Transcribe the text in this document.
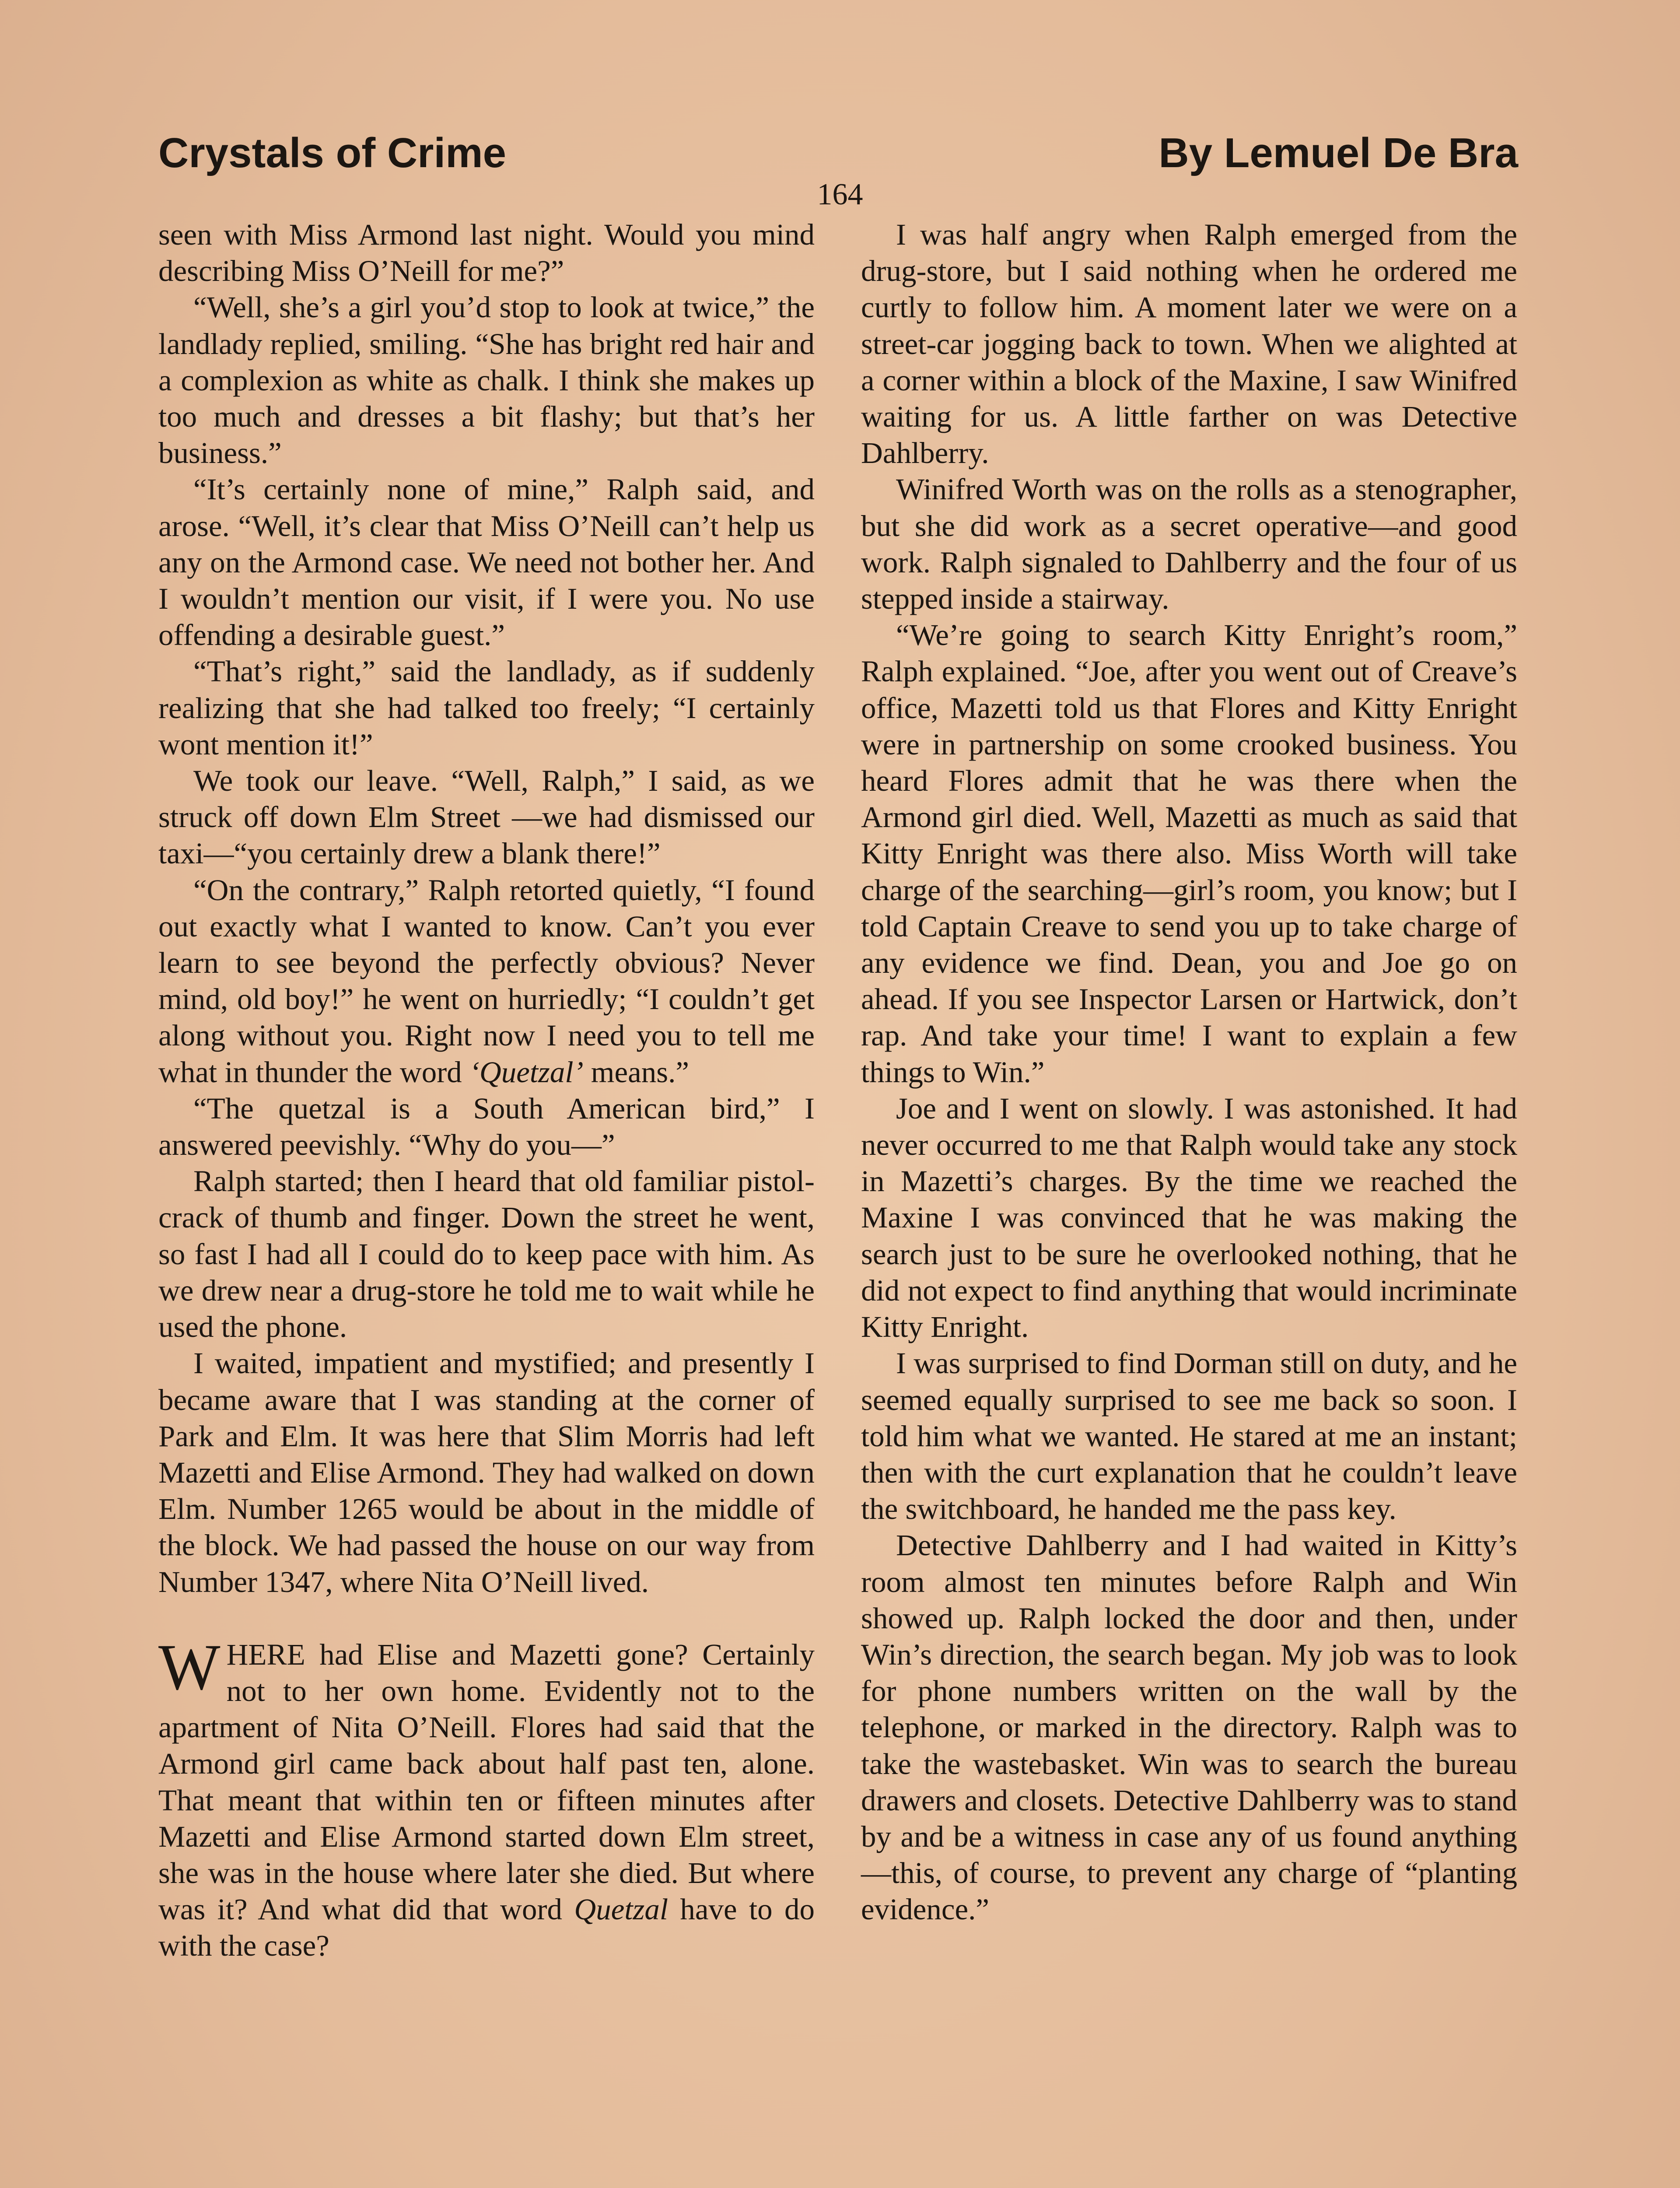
Crystals of Crime	By Lemuel De Bra
164

seen with Miss Armond last night. Would you mind describing Miss O’Neill for me?”

“Well, she’s a girl you’d stop to look at twice,” the landlady replied, smiling. “She has bright red hair and a complexion as white as chalk. I think she makes up too much and dresses a bit flashy; but that’s her business.”

“It’s certainly none of mine,” Ralph said, and arose. “Well, it’s clear that Miss O’Neill can’t help us any on the Armond case. We need not bother her. And I wouldn’t mention our visit, if I were you. No use offending a desirable guest.”

“That’s right,” said the landlady, as if suddenly realizing that she had talked too freely; “I certainly wont mention it!”

We took our leave. “Well, Ralph,” I said, as we struck off down Elm Street —we had dismissed our taxi—“you certainly drew a blank there!”

“On the contrary,” Ralph retorted quietly, “I found out exactly what I wanted to know. Can’t you ever learn to see beyond the perfectly obvious? Never mind, old boy!” he went on hurriedly; “I couldn’t get along without you. Right now I need you to tell me what in thunder the word ‘Quetzal’ means.”

“The quetzal is a South American bird,” I answered peevishly. “Why do you—”

Ralph started; then I heard that old familiar pistol-crack of thumb and finger. Down the street he went, so fast I had all I could do to keep pace with him. As we drew near a drug-store he told me to wait while he used the phone.

I waited, impatient and mystified; and presently I became aware that I was standing at the corner of Park and Elm. It was here that Slim Morris had left Mazetti and Elise Armond. They had walked on down Elm. Number 1265 would be about in the middle of the block. We had passed the house on our way from Number 1347, where Nita O’Neill lived.

WHERE had Elise and Mazetti gone? Certainly not to her own home. Evidently not to the apartment of Nita O’Neill. Flores had said that the Armond girl came back about half past ten, alone. That meant that within ten or fifteen minutes after Mazetti and Elise Armond started down Elm street, she was in the house where later she died. But where was it? And what did that word Quetzal have to do with the case?

I was half angry when Ralph emerged from the drug-store, but I said nothing when he ordered me curtly to follow him. A moment later we were on a street-car jogging back to town. When we alighted at a corner within a block of the Maxine, I saw Winifred waiting for us. A little farther on was Detective Dahlberry.

Winifred Worth was on the rolls as a stenographer, but she did work as a secret operative—and good work. Ralph signaled to Dahlberry and the four of us stepped inside a stairway.

“We’re going to search Kitty Enright’s room,” Ralph explained. “Joe, after you went out of Creave’s office, Mazetti told us that Flores and Kitty Enright were in partnership on some crooked business. You heard Flores admit that he was there when the Armond girl died. Well, Mazetti as much as said that Kitty Enright was there also. Miss Worth will take charge of the searching—girl’s room, you know; but I told Captain Creave to send you up to take charge of any evidence we find. Dean, you and Joe go on ahead. If you see Inspector Larsen or Hartwick, don’t rap. And take your time! I want to explain a few things to Win.”

Joe and I went on slowly. I was astonished. It had never occurred to me that Ralph would take any stock in Mazetti’s charges. By the time we reached the Maxine I was convinced that he was making the search just to be sure he overlooked nothing, that he did not expect to find anything that would incriminate Kitty Enright.

I was surprised to find Dorman still on duty, and he seemed equally surprised to see me back so soon. I told him what we wanted. He stared at me an instant; then with the curt explanation that he couldn’t leave the switchboard, he handed me the pass key.

Detective Dahlberry and I had waited in Kitty’s room almost ten minutes before Ralph and Win showed up. Ralph locked the door and then, under Win’s direction, the search began. My job was to look for phone numbers written on the wall by the telephone, or marked in the directory. Ralph was to take the wastebasket. Win was to search the bureau drawers and closets. Detective Dahlberry was to stand by and be a witness in case any of us found anything—this, of course, to prevent any charge of “planting evidence.”
